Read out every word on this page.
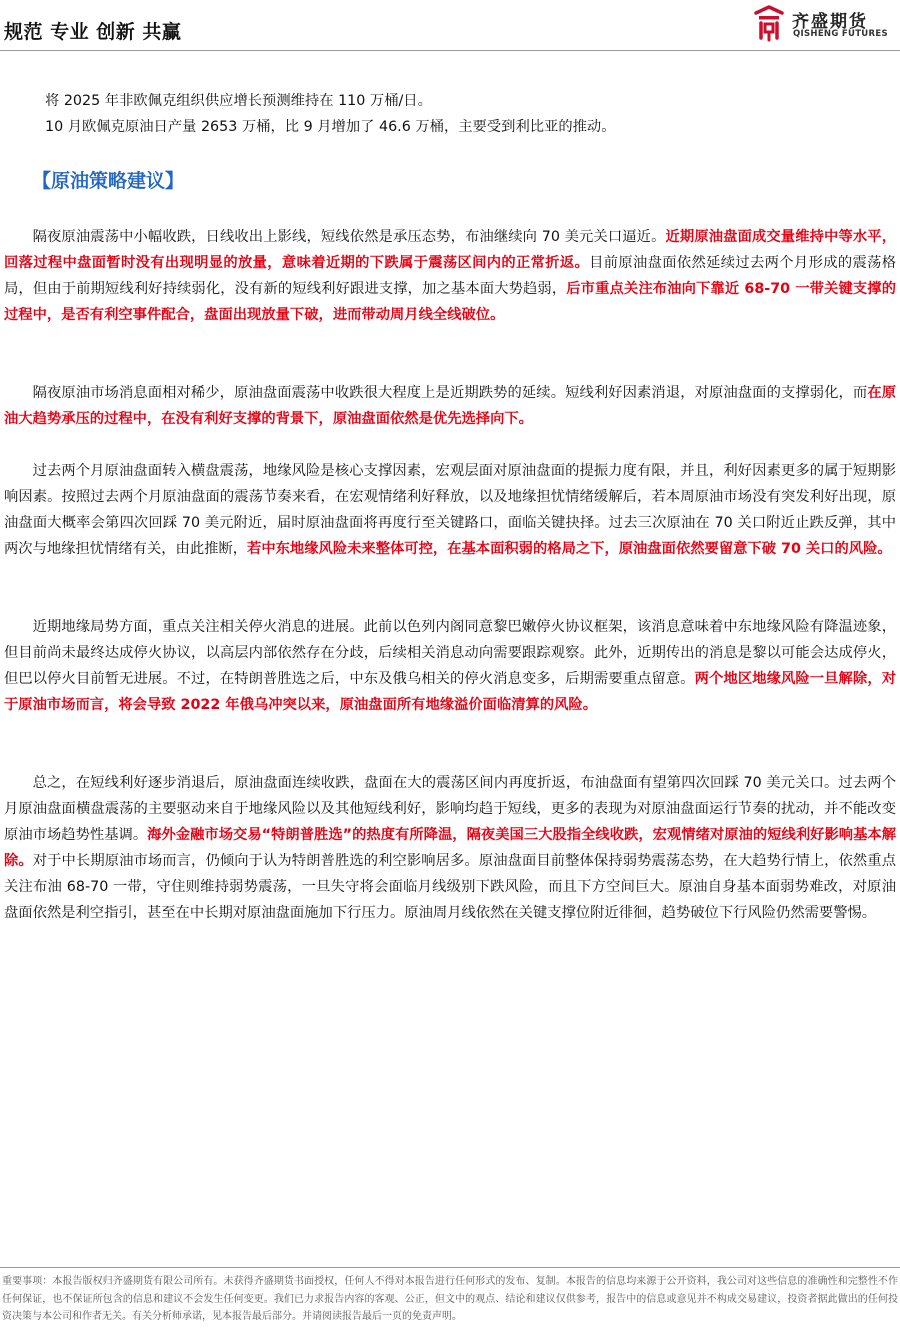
规范 专业 创新 共赢	齐盛期货
QISHENG FUTURES

将 2025 年非欧佩克组织供应增长预测维持在 110 万桶/日。

10 月欧佩克原油日产量 2653 万桶，比 9 月增加了 46.6 万桶，主要受到利比亚的推动。

【原油策略建议】

隔夜原油震荡中小幅收跌，日线收出上影线，短线依然是承压态势，布油继续向 70 美元关口逼近。近期原油盘面成交量维持中等水平，回落过程中盘面暂时没有出现明显的放量，意味着近期的下跌属于震荡区间内的正常折返。目前原油盘面依然延续过去两个月形成的震荡格局，但由于前期短线利好持续弱化，没有新的短线利好跟进支撑，加之基本面大势趋弱，后市重点关注布油向下靠近 68-70 一带关键支撑的过程中，是否有利空事件配合，盘面出现放量下破，进而带动周月线全线破位。

隔夜原油市场消息面相对稀少，原油盘面震荡中收跌很大程度上是近期跌势的延续。短线利好因素消退，对原油盘面的支撑弱化，而在原油大趋势承压的过程中，在没有利好支撑的背景下，原油盘面依然是优先选择向下。

过去两个月原油盘面转入横盘震荡，地缘风险是核心支撑因素，宏观层面对原油盘面的提振力度有限，并且，利好因素更多的属于短期影响因素。按照过去两个月原油盘面的震荡节奏来看，在宏观情绪利好释放，以及地缘担忧情绪缓解后，若本周原油市场没有突发利好出现，原油盘面大概率会第四次回踩 70 美元附近，届时原油盘面将再度行至关键路口，面临关键抉择。过去三次原油在 70 关口附近止跌反弹，其中两次与地缘担忧情绪有关，由此推断，若中东地缘风险未来整体可控，在基本面积弱的格局之下，原油盘面依然要留意下破 70 关口的风险。

近期地缘局势方面，重点关注相关停火消息的进展。此前以色列内阁同意黎巴嫩停火协议框架，该消息意味着中东地缘风险有降温迹象，但目前尚未最终达成停火协议，以高层内部依然存在分歧，后续相关消息动向需要跟踪观察。此外，近期传出的消息是黎以可能会达成停火，但巴以停火目前暂无进展。不过，在特朗普胜选之后，中东及俄乌相关的停火消息变多，后期需要重点留意。两个地区地缘风险一旦解除，对于原油市场而言，将会导致 2022 年俄乌冲突以来，原油盘面所有地缘溢价面临清算的风险。

总之，在短线利好逐步消退后，原油盘面连续收跌，盘面在大的震荡区间内再度折返，布油盘面有望第四次回踩 70 美元关口。过去两个月原油盘面横盘震荡的主要驱动来自于地缘风险以及其他短线利好，影响均趋于短线，更多的表现为对原油盘面运行节奏的扰动，并不能改变原油市场趋势性基调。海外金融市场交易“特朗普胜选”的热度有所降温，隔夜美国三大股指全线收跌，宏观情绪对原油的短线利好影响基本解除。对于中长期原油市场而言，仍倾向于认为特朗普胜选的利空影响居多。原油盘面目前整体保持弱势震荡态势，在大趋势行情上，依然重点关注布油 68-70 一带，守住则维持弱势震荡，一旦失守将会面临月线级别下跌风险，而且下方空间巨大。原油自身基本面弱势难改，对原油盘面依然是利空指引，甚至在中长期对原油盘面施加下行压力。原油周月线依然在关键支撑位附近徘徊，趋势破位下行风险仍然需要警惕。

重要事项：本报告版权归齐盛期货有限公司所有。未获得齐盛期货书面授权，任何人不得对本报告进行任何形式的发布、复制。本报告的信息均来源于公开资料，我公司对这些信息的准确性和完整性不作任何保证，也不保证所包含的信息和建议不会发生任何变更。我们已力求报告内容的客观、公正，但文中的观点、结论和建议仅供参考，报告中的信息或意见并不构成交易建议，投资者据此做出的任何投资决策与本公司和作者无关。有关分析师承诺，见本报告最后部分。并请阅读报告最后一页的免责声明。
